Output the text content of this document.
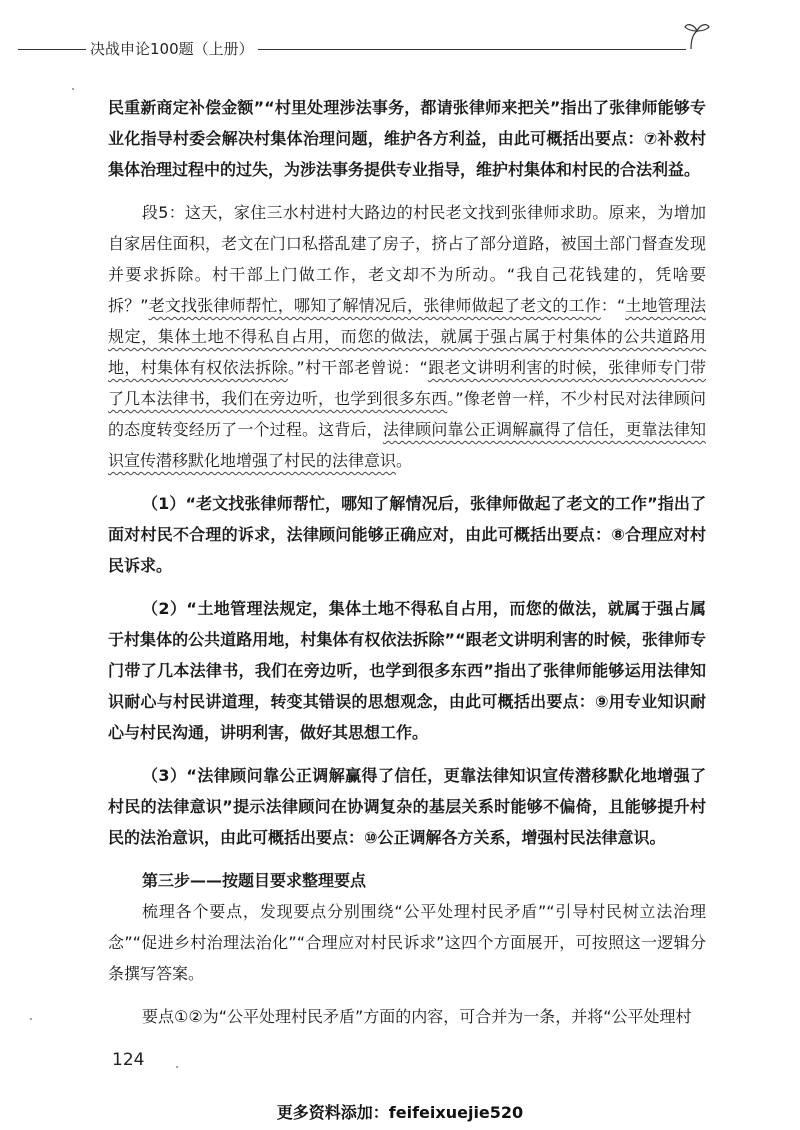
决战申论100题（上册）

民重新商定补偿金额”“村里处理涉法事务，都请张律师来把关”指出了张律师能够专业化指导村委会解决村集体治理问题，维护各方利益，由此可概括出要点：⑦补救村集体治理过程中的过失，为涉法事务提供专业指导，维护村集体和村民的合法利益。

段5：这天，家住三水村进村大路边的村民老文找到张律师求助。原来，为增加自家居住面积，老文在门口私搭乱建了房子，挤占了部分道路，被国土部门督查发现并要求拆除。村干部上门做工作，老文却不为所动。“我自己花钱建的，凭啥要拆？”老文找张律师帮忙，哪知了解情况后，张律师做起了老文的工作：“土地管理法规定，集体土地不得私自占用，而您的做法，就属于强占属于村集体的公共道路用地，村集体有权依法拆除。”村干部老曾说：“跟老文讲明利害的时候，张律师专门带了几本法律书，我们在旁边听，也学到很多东西。”像老曾一样，不少村民对法律顾问的态度转变经历了一个过程。这背后，法律顾问靠公正调解赢得了信任，更靠法律知识宣传潜移默化地增强了村民的法律意识。

（1）“老文找张律师帮忙，哪知了解情况后，张律师做起了老文的工作”指出了面对村民不合理的诉求，法律顾问能够正确应对，由此可概括出要点：⑧合理应对村民诉求。

（2）“土地管理法规定，集体土地不得私自占用，而您的做法，就属于强占属于村集体的公共道路用地，村集体有权依法拆除”“跟老文讲明利害的时候，张律师专门带了几本法律书，我们在旁边听，也学到很多东西”指出了张律师能够运用法律知识耐心与村民讲道理，转变其错误的思想观念，由此可概括出要点：⑨用专业知识耐心与村民沟通，讲明利害，做好其思想工作。

（3）“法律顾问靠公正调解赢得了信任，更靠法律知识宣传潜移默化地增强了村民的法律意识”提示法律顾问在协调复杂的基层关系时能够不偏倚，且能够提升村民的法治意识，由此可概括出要点：⑩公正调解各方关系，增强村民法律意识。

第三步——按题目要求整理要点

梳理各个要点，发现要点分别围绕“公平处理村民矛盾”“引导村民树立法治理念”“促进乡村治理法治化”“合理应对村民诉求”这四个方面展开，可按照这一逻辑分条撰写答案。

要点①②为“公平处理村民矛盾”方面的内容，可合并为一条，并将“公平处理村

124
更多资料添加：feifeixuejie520
